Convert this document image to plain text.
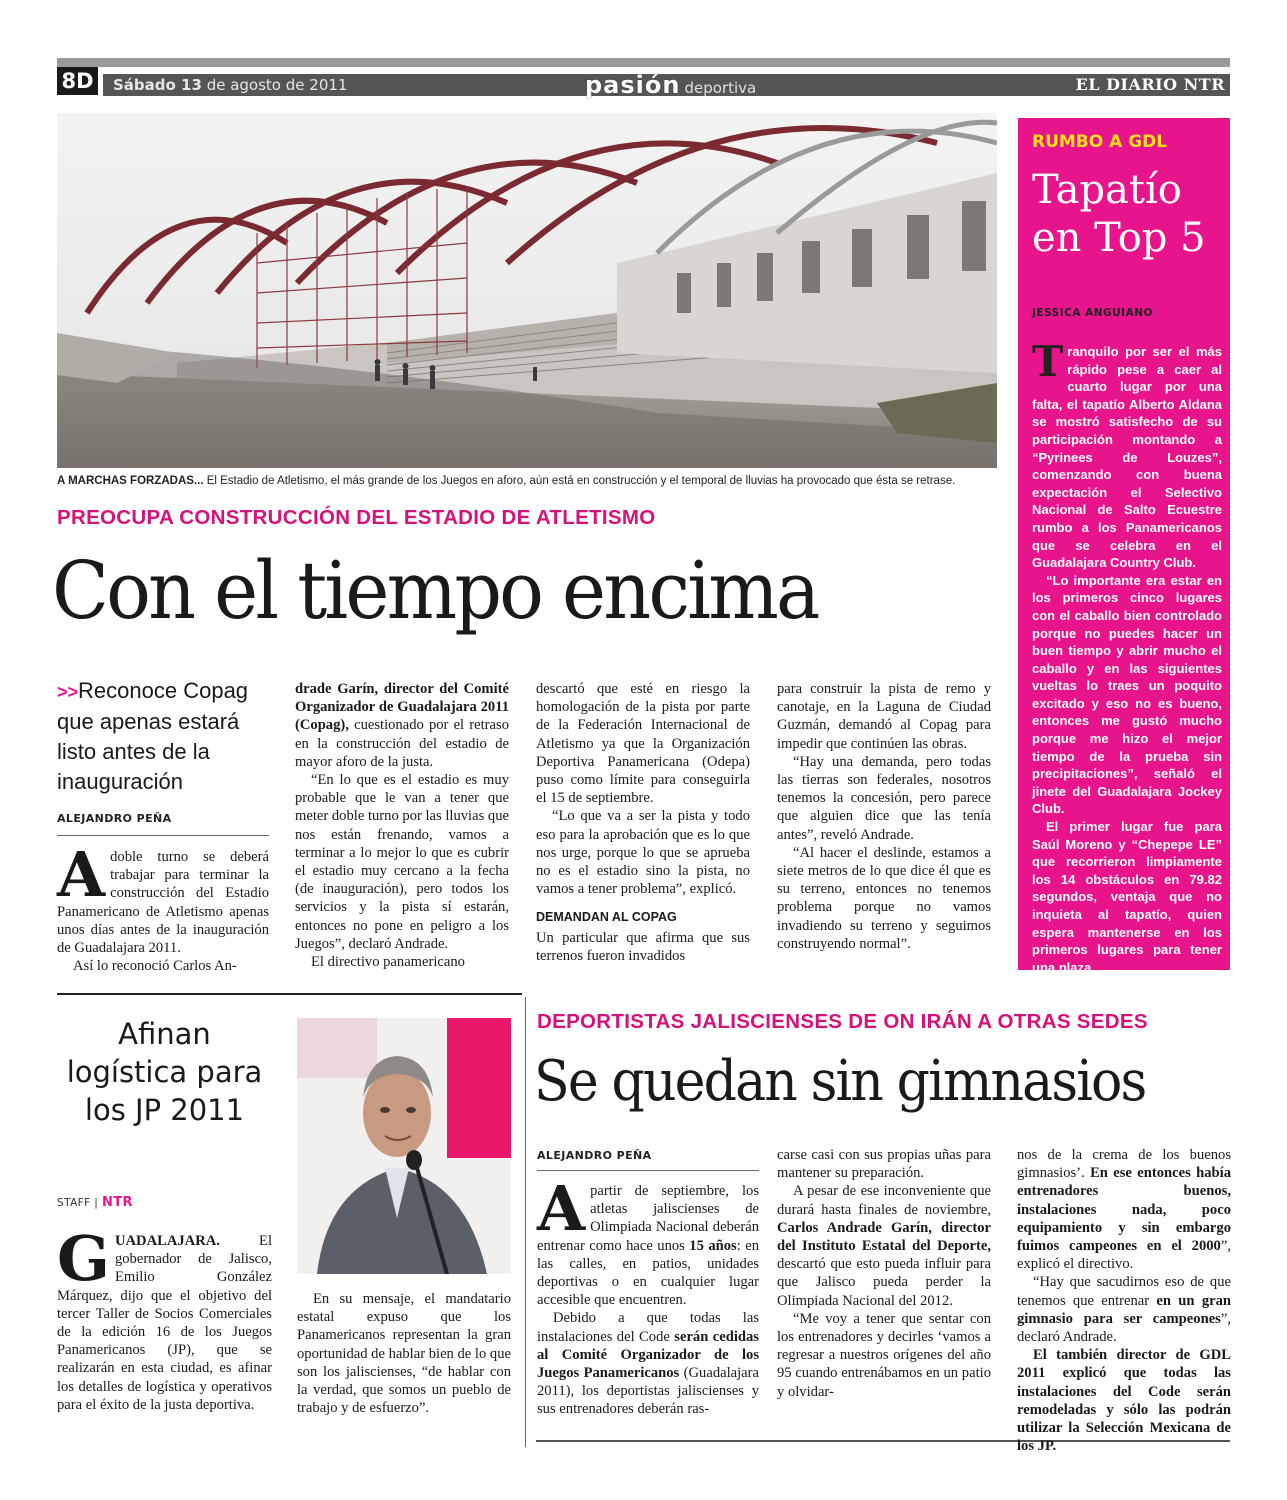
8D Sábado 13 de agosto de 2011	pasión deportiva	EL DIARIO NTR
A MARCHAS FORZADAS... El Estadio de Atletismo, el más grande de los Juegos en aforo, aún está en construcción y el temporal de lluvias ha provocado que ésta se retrase.
RUMBO A GDL
Tapatío en Top 5
JESSICA ANGUIANO

Tranquilo por ser el más rápido pese a caer al cuarto lugar por una falta, el tapatío Alberto Aldana se mostró satisfecho de su participación montando a “Pyrinees de Louzes”, comenzando con buena expectación el Selectivo Nacional de Salto Ecuestre rumbo a los Panamericanos que se celebra en el Guadalajara Country Club.

“Lo importante era estar en los primeros cinco lugares con el caballo bien controlado porque no puedes hacer un buen tiempo y abrir mucho el caballo y en las siguientes vueltas lo traes un poquito excitado y eso no es bueno, entonces me gustó mucho porque me hizo el mejor tiempo de la prueba sin precipitaciones”, señaló el jinete del Guadalajara Jockey Club.

El primer lugar fue para Saúl Moreno y “Chepepe LE” que recorrieron limpiamente los 14 obstáculos en 79.82 segundos, ventaja que no inquieta al tapatío, quien espera mantenerse en los primeros lugares para tener una plaza.

PREOCUPA CONSTRUCCIÓN DEL ESTADIO DE ATLETISMO
Con el tiempo encima
>>Reconoce Copag que apenas estará listo antes de la inauguración
ALEJANDRO PEÑA

Adoble turno se deberá trabajar para terminar la construcción del Estadio Panamericano de Atletismo apenas unos días antes de la inauguración de Guadalajara 2011.

Así lo reconoció Carlos An-

drade Garín, director del Comité Organizador de Guadalajara 2011 (Copag), cuestionado por el retraso en la construcción del estadio de mayor aforo de la justa.

“En lo que es el estadio es muy probable que le van a tener que meter doble turno por las lluvias que nos están frenando, vamos a terminar a lo mejor lo que es cubrir el estadio muy cercano a la fecha (de inauguración), pero todos los servicios y la pista sí estarán, entonces no pone en peligro a los Juegos”, declaró Andrade.

El directivo panamericano

descartó que esté en riesgo la homologación de la pista por parte de la Federación Internacional de Atletismo ya que la Organización Deportiva Panamericana (Odepa) puso como límite para conseguirla el 15 de septiembre.

“Lo que va a ser la pista y todo eso para la aprobación que es lo que nos urge, porque lo que se aprueba no es el estadio sino la pista, no vamos a tener problema”, explicó.

DEMANDAN AL COPAG

Un particular que afirma que sus terrenos fueron invadidos

para construir la pista de remo y canotaje, en la Laguna de Ciudad Guzmán, demandó al Copag para impedir que continúen las obras.

“Hay una demanda, pero todas las tierras son federales, nosotros tenemos la concesión, pero parece que alguien dice que las tenía antes”, reveló Andrade.

“Al hacer el deslinde, estamos a siete metros de lo que dice él que es su terreno, entonces no tenemos problema porque no vamos invadiendo su terreno y seguimos construyendo normal”.

Afinan logística para los JP 2011
STAFF | NTR

GUADALAJARA. El gobernador de Jalisco, Emilio González Márquez, dijo que el objetivo del tercer Taller de Socios Comerciales de la edición 16 de los Juegos Panamericanos (JP), que se realizarán en esta ciudad, es afinar los detalles de logística y operativos para el éxito de la justa deportiva.

En su mensaje, el mandatario estatal expuso que los Panamericanos representan la gran oportunidad de hablar bien de lo que son los jaliscienses, “de hablar con la verdad, que somos un pueblo de trabajo y de esfuerzo”.

DEPORTISTAS JALISCIENSES DE ON IRÁN A OTRAS SEDES
Se quedan sin gimnasios
ALEJANDRO PEÑA

A partir de septiembre, los atletas jaliscienses de Olimpiada Nacional deberán entrenar como hace unos 15 años: en las calles, en patios, unidades deportivas o en cualquier lugar accesible que encuentren.

Debido a que todas las instalaciones del Code serán cedidas al Comité Organizador de los Juegos Panamericanos (Guadalajara 2011), los deportistas jaliscienses y sus entrenadores deberán ras-

carse casi con sus propias uñas para mantener su preparación.

A pesar de ese inconveniente que durará hasta finales de noviembre, Carlos Andrade Garín, director del Instituto Estatal del Deporte, descartó que esto pueda influir para que Jalisco pueda perder la Olimpiada Nacional del 2012.

“Me voy a tener que sentar con los entrenadores y decirles ‘vamos a regresar a nuestros orígenes del año 95 cuando entrenábamos en un patio y olvidar-

nos de la crema de los buenos gimnasios’. En ese entonces había entrenadores buenos, instalaciones nada, poco equipamiento y sin embargo fuimos campeones en el 2000”, explicó el directivo.

“Hay que sacudirnos eso de que tenemos que entrenar en un gran gimnasio para ser campeones”, declaró Andrade.

El también director de GDL 2011 explicó que todas las instalaciones del Code serán remodeladas y sólo las podrán utilizar la Selección Mexicana de los JP.
